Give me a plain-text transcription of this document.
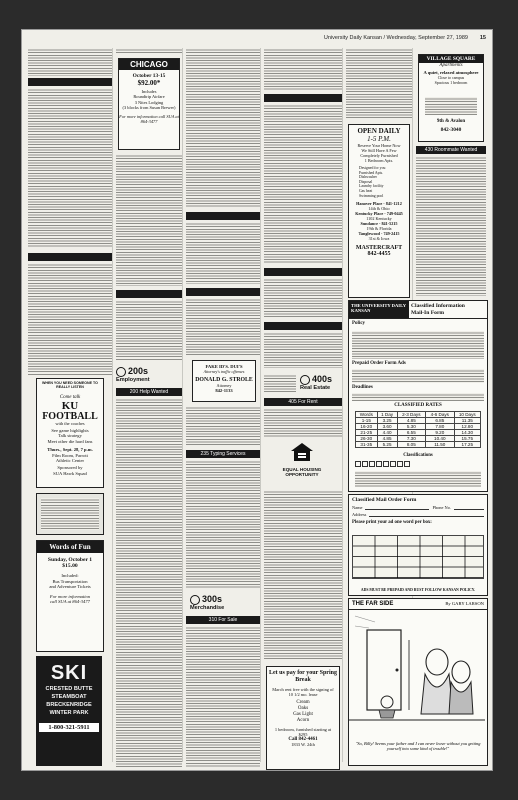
University Daily Kansan / Wednesday, September 27, 1989 15
WHEN YOU NEED SOMEONE TO
REALLY LISTEN
Come talk
KU
FOOTBALL
with the coaches
See game highlights
Talk strategy
Meet other die hard fans
Thurs., Sept. 28, 7 p.m.
Film Room, Parrott
Athletic Center
Sponsored by
SUA Hawk Squad
Words of Fun
Sunday, October 1
$15.00
Included:
Bus Transportation
and Adventure Tickets
For more information
call SUA at 864-3477
SKI
CRESTED BUTTE
STEAMBOAT
BRECKENRIDGE
WINTER PARK
1-800-321-5911
CHICAGO
October 13-15
$92.00*
Includes
Roundtrip Airfare
3 Nites Lodging
(3 blocks from Susan Brewer)
For more information call SUA at 864-3477
200s
Employment
200 Help Wanted
FAKE ID'S. DUI'S
Attorney's traffic offenses
DONALD G. STROLE
Attorney
842-1133
235 Typing Services
300s
Merchandise
310 For Sale
400s
Real Estate
405 For Rent
EQUAL HOUSING
OPPORTUNITY
Let us pay for your Spring Break
March rent free with the signing of 10 1/2 mo. lease
Cream
Oaks
Gas Light
Acorn
1 bedroom, furnished starting at $295
Call 842-4461
1833 W. 24th
OPEN DAILY
1-5 P.M.
Reserve Your Home Now
We Still Have A Few
Completely Furnished
1 Bedroom Apts.
Designed for you
Furnished Apts.
Dishwasher
Disposal
Laundry facility
Gas heat
Swimming pool
Hanover Place - 841-1212
14th & Ohio
Kentucky Place - 749-0445
1102 Kentucky
Sundance - 841-5215
19th & Florida
Tanglewood - 749-2415
31st & Iowa
MASTERCRAFT
842-4455
VILLAGE SQUARE
Apartments
A quiet, relaxed atmosphere
Close to campus
Spacious 1 bedroom
9th & Avalon
842-3040
430 Roommate Wanted
THE UNIVERSITY DAILY KANSAN
Classified Information
Mail-In Form
Policy
Prepaid Order Form Ads
Deadlines
CLASSIFIED RATES
Words	1 Day	2-3 Days	4-6 Days	10 Days
1-15	3.25	4.85	6.85	11.35
16-20	3.60	5.30	7.80	12.80
21-25	4.40	6.55	9.20	14.30
26-30	4.85	7.30	10.40	15.75
31-35	5.25	8.05	11.50	17.25
Classifications

Classified Mail Order Form
Name	Phone No.
Address
Please print your ad one word per box:
ADS MUST BE PREPAID AND RUST FOLLOW KANSAN POLICY.
THE FAR SIDE	By GARY LARSON
"So, Billy! Seems your father and I can never leave without you getting yourself into some kind of trouble!"
